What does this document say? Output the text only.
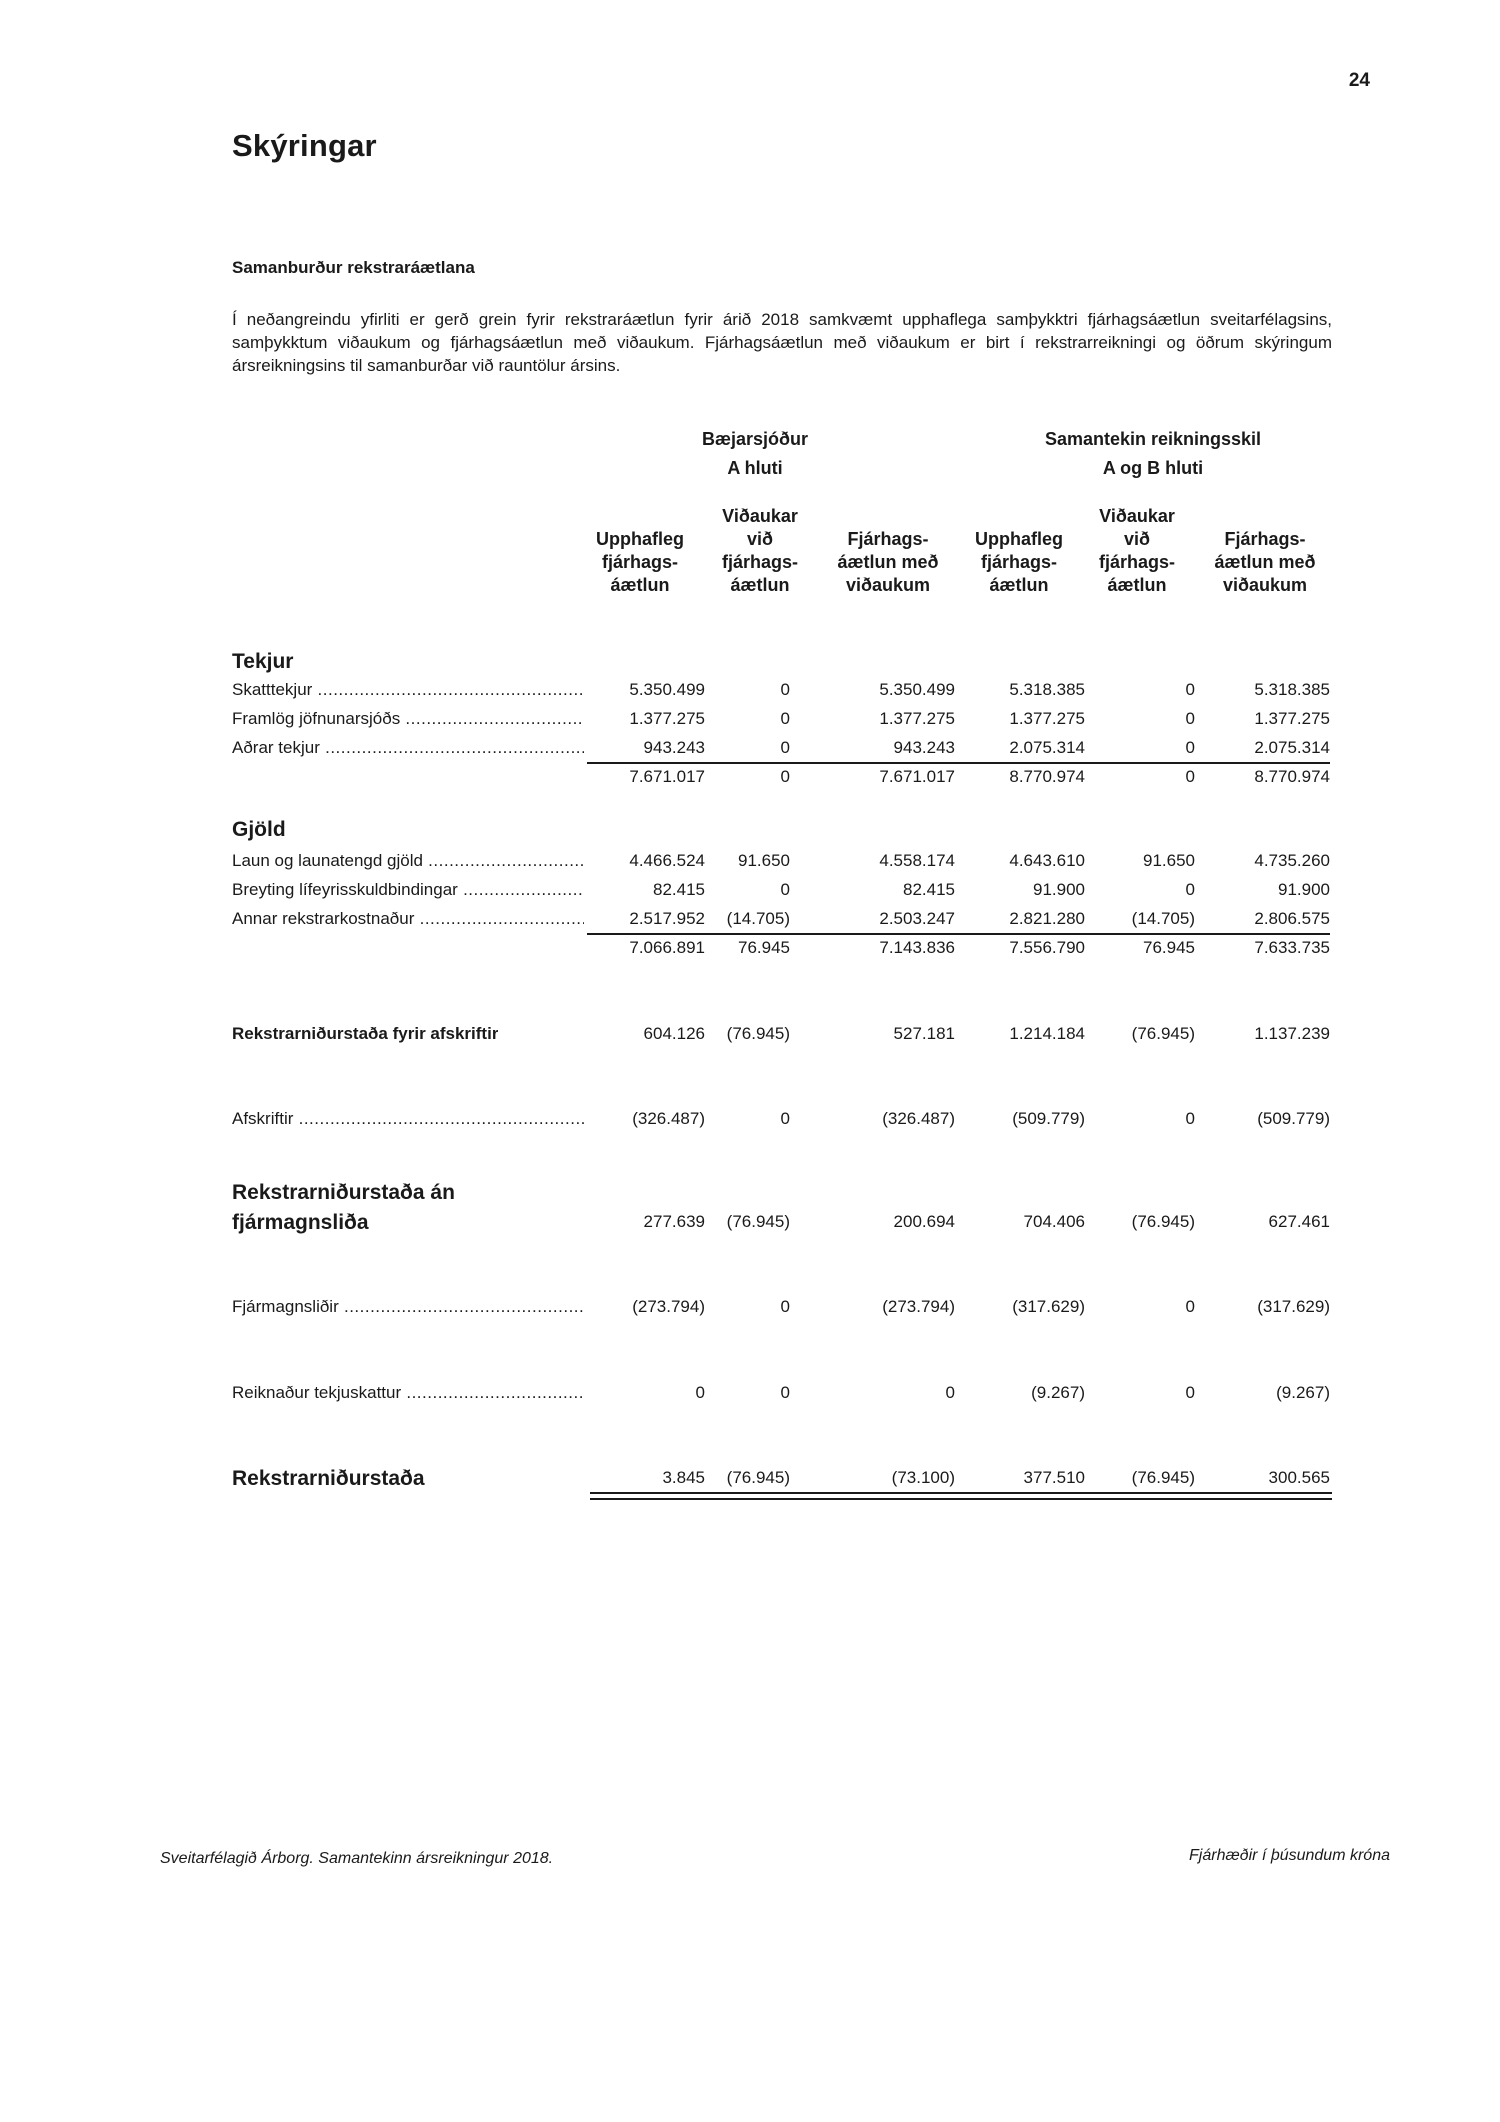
24
Skýringar
Samanburður rekstraráætlana
Í neðangreindu yfirliti er gerð grein fyrir rekstraráætlun fyrir árið 2018 samkvæmt upphaflega samþykktri fjárhagsáætlun sveitarfélagsins, samþykktum viðaukum og fjárhagsáætlun með viðaukum. Fjárhagsáætlun með viðaukum er birt í rekstrarreikningi og öðrum skýringum ársreikningsins til samanburðar við rauntölur ársins.
Bæjarsjóður
A hluti
Samantekin reikningsskil
A og B hluti

Upphafleg
fjárhags-
áætlun
Viðaukar
við
fjárhags-
áætlun

Fjárhags-
áætlun með
viðaukum

Upphafleg
fjárhags-
áætlun
Viðaukar
við
fjárhags-
áætlun

Fjárhags-
áætlun með
viðaukum
Tekjur
Skatttekjur .....	5.350.499	0	5.350.499	5.318.385	0	5.318.385
Framlög jöfnunarsjóðs .....	1.377.275	0	1.377.275	1.377.275	0	1.377.275
Aðrar tekjur .....	943.243	0	943.243	2.075.314	0	2.075.314
7.671.017	0	7.671.017	8.770.974	0	8.770.974
Gjöld
Laun og launatengd gjöld .....	4.466.524	91.650	4.558.174	4.643.610	91.650	4.735.260
Breyting lífeyrisskuldbindingar .....	82.415	0	82.415	91.900	0	91.900
Annar rekstrarkostnaður .....	2.517.952	(14.705)	2.503.247	2.821.280	(14.705)	2.806.575
7.066.891	76.945	7.143.836	7.556.790	76.945	7.633.735
Rekstrarniðurstaða fyrir afskriftir	604.126	(76.945)	527.181	1.214.184	(76.945)	1.137.239
Afskriftir .....	(326.487)	0	(326.487)	(509.779)	0	(509.779)
Rekstrarniðurstaða án
fjármagnsliða	277.639	(76.945)	200.694	704.406	(76.945)	627.461
Fjármagnsliðir .....	(273.794)	0	(273.794)	(317.629)	0	(317.629)
Reiknaður tekjuskattur .....	0	0	0	(9.267)	0	(9.267)
Rekstrarniðurstaða	3.845	(76.945)	(73.100)	377.510	(76.945)	300.565
Sveitarfélagið Árborg. Samantekinn ársreikningur 2018.	Fjárhæðir í þúsundum króna
